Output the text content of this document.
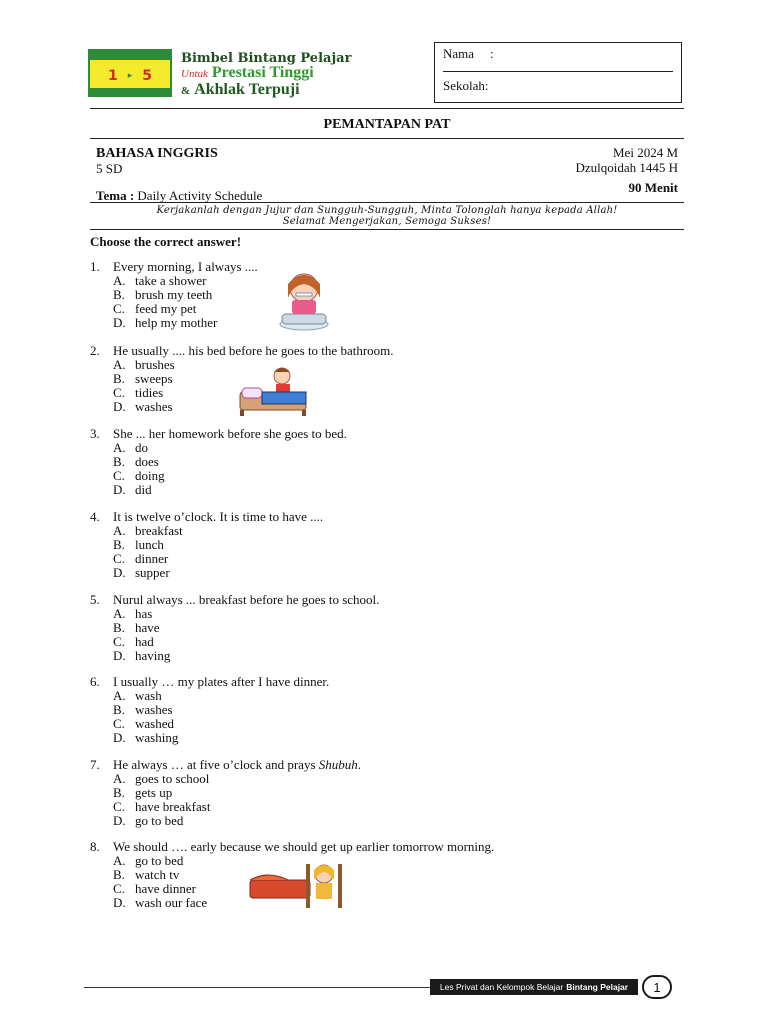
1 ▸ 5
Bimbel Bintang Pelajar
Untuk Prestasi Tinggi
& Akhlak Terpuji
Nama :
Sekolah:
PEMANTAPAN PAT
BAHASA INGGRIS
5 SD
Mei 2024 M
Dzulqoidah 1445 H
90 Menit
Tema : Daily Activity Schedule
Kerjakanlah dengan Jujur dan Sungguh-Sungguh, Minta Tolonglah hanya kepada Allah!
Selamat Mengerjakan, Semoga Sukses!
Choose the correct answer!
1.	Every morning, I always ....
A. take a shower
B. brush my teeth
C. feed my pet
D. help my mother
2.	He usually .... his bed before he goes to the bathroom.
A. brushes
B. sweeps
C. tidies
D. washes
3.	She ... her homework before she goes to bed.
A. do
B. does
C. doing
D. did
4.	It is twelve o’clock. It is time to have ....
A. breakfast
B. lunch
C. dinner
D. supper
5.	Nurul always ... breakfast before he goes to school.
A. has
B. have
C. had
D. having
6.	I usually … my plates after I have dinner.
A. wash
B. washes
C. washed
D. washing
7.	He always … at five o’clock and prays Shubuh.
A. goes to school
B. gets up
C. have breakfast
D. go to bed
8.	We should …. early because we should get up earlier tomorrow morning.
A. go to bed
B. watch tv
C. have dinner
D. wash our face
Les Privat dan Kelompok Belajar Bintang Pelajar	1
